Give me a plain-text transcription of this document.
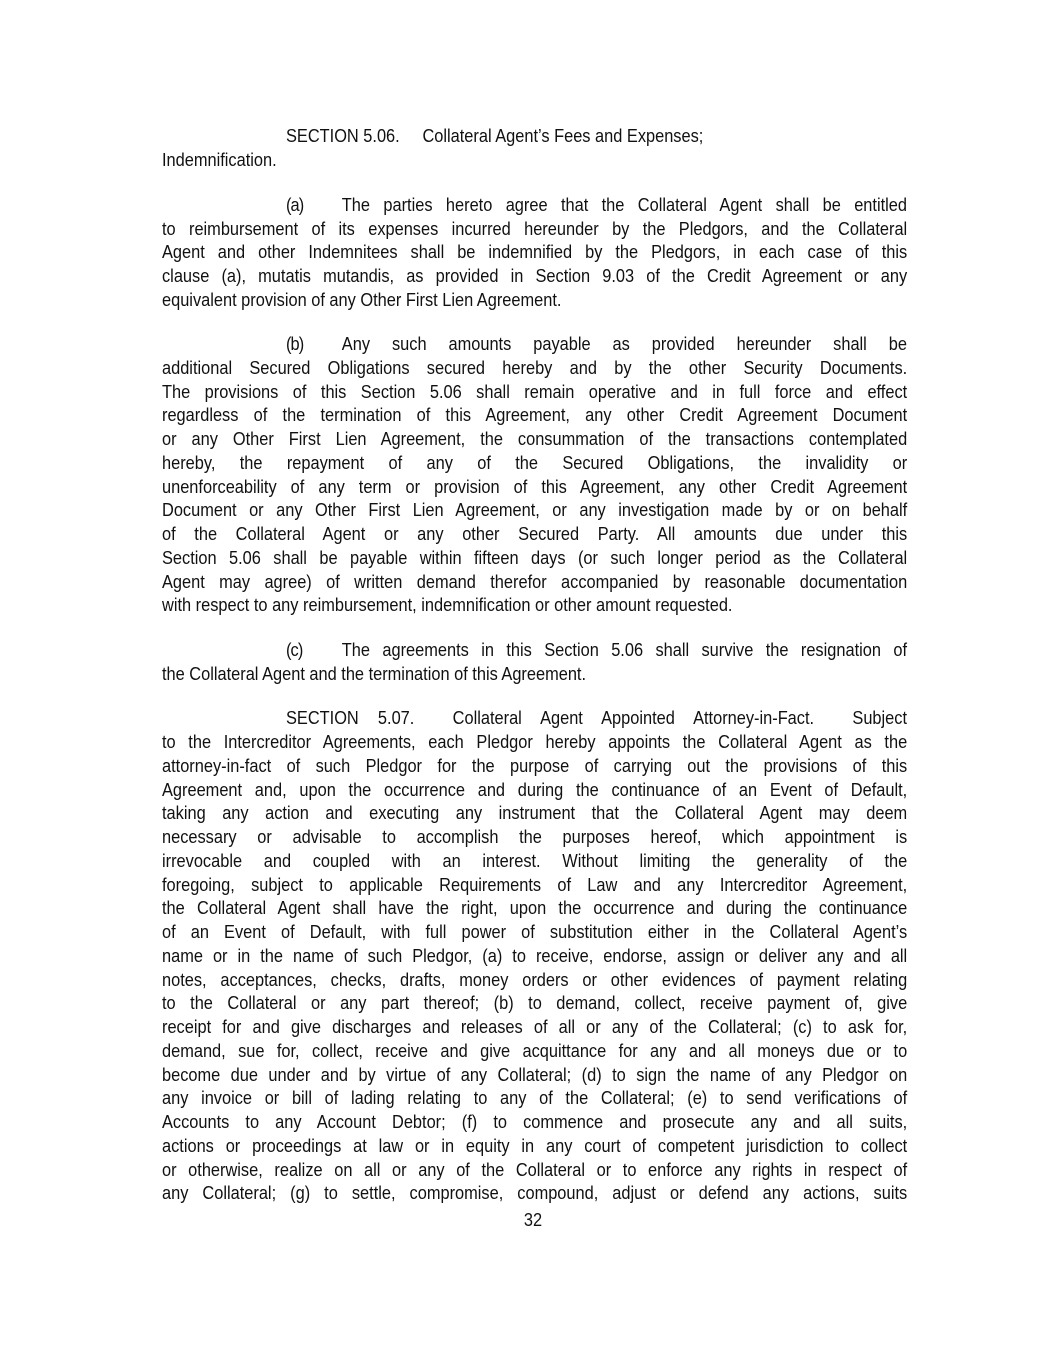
SECTION 5.06. Collateral Agent’s Fees and Expenses;
Indemnification.
(a) The parties hereto agree that the Collateral Agent shall be entitled
to reimbursement of its expenses incurred hereunder by the Pledgors, and the Collateral
Agent and other Indemnitees shall be indemnified by the Pledgors, in each case of this
clause (a), mutatis mutandis, as provided in Section 9.03 of the Credit Agreement or any
equivalent provision of any Other First Lien Agreement.
(b) Any such amounts payable as provided hereunder shall be
additional Secured Obligations secured hereby and by the other Security Documents.
The provisions of this Section 5.06 shall remain operative and in full force and effect
regardless of the termination of this Agreement, any other Credit Agreement Document
or any Other First Lien Agreement, the consummation of the transactions contemplated
hereby, the repayment of any of the Secured Obligations, the invalidity or
unenforceability of any term or provision of this Agreement, any other Credit Agreement
Document or any Other First Lien Agreement, or any investigation made by or on behalf
of the Collateral Agent or any other Secured Party. All amounts due under this
Section 5.06 shall be payable within fifteen days (or such longer period as the Collateral
Agent may agree) of written demand therefor accompanied by reasonable documentation
with respect to any reimbursement, indemnification or other amount requested.
(c) The agreements in this Section 5.06 shall survive the resignation of
the Collateral Agent and the termination of this Agreement.
SECTION 5.07. Collateral Agent Appointed Attorney-in-Fact. Subject
to the Intercreditor Agreements, each Pledgor hereby appoints the Collateral Agent as the
attorney-in-fact of such Pledgor for the purpose of carrying out the provisions of this
Agreement and, upon the occurrence and during the continuance of an Event of Default,
taking any action and executing any instrument that the Collateral Agent may deem
necessary or advisable to accomplish the purposes hereof, which appointment is
irrevocable and coupled with an interest. Without limiting the generality of the
foregoing, subject to applicable Requirements of Law and any Intercreditor Agreement,
the Collateral Agent shall have the right, upon the occurrence and during the continuance
of an Event of Default, with full power of substitution either in the Collateral Agent’s
name or in the name of such Pledgor, (a) to receive, endorse, assign or deliver any and all
notes, acceptances, checks, drafts, money orders or other evidences of payment relating
to the Collateral or any part thereof; (b) to demand, collect, receive payment of, give
receipt for and give discharges and releases of all or any of the Collateral; (c) to ask for,
demand, sue for, collect, receive and give acquittance for any and all moneys due or to
become due under and by virtue of any Collateral; (d) to sign the name of any Pledgor on
any invoice or bill of lading relating to any of the Collateral; (e) to send verifications of
Accounts to any Account Debtor; (f) to commence and prosecute any and all suits,
actions or proceedings at law or in equity in any court of competent jurisdiction to collect
or otherwise, realize on all or any of the Collateral or to enforce any rights in respect of
any Collateral; (g) to settle, compromise, compound, adjust or defend any actions, suits
32
